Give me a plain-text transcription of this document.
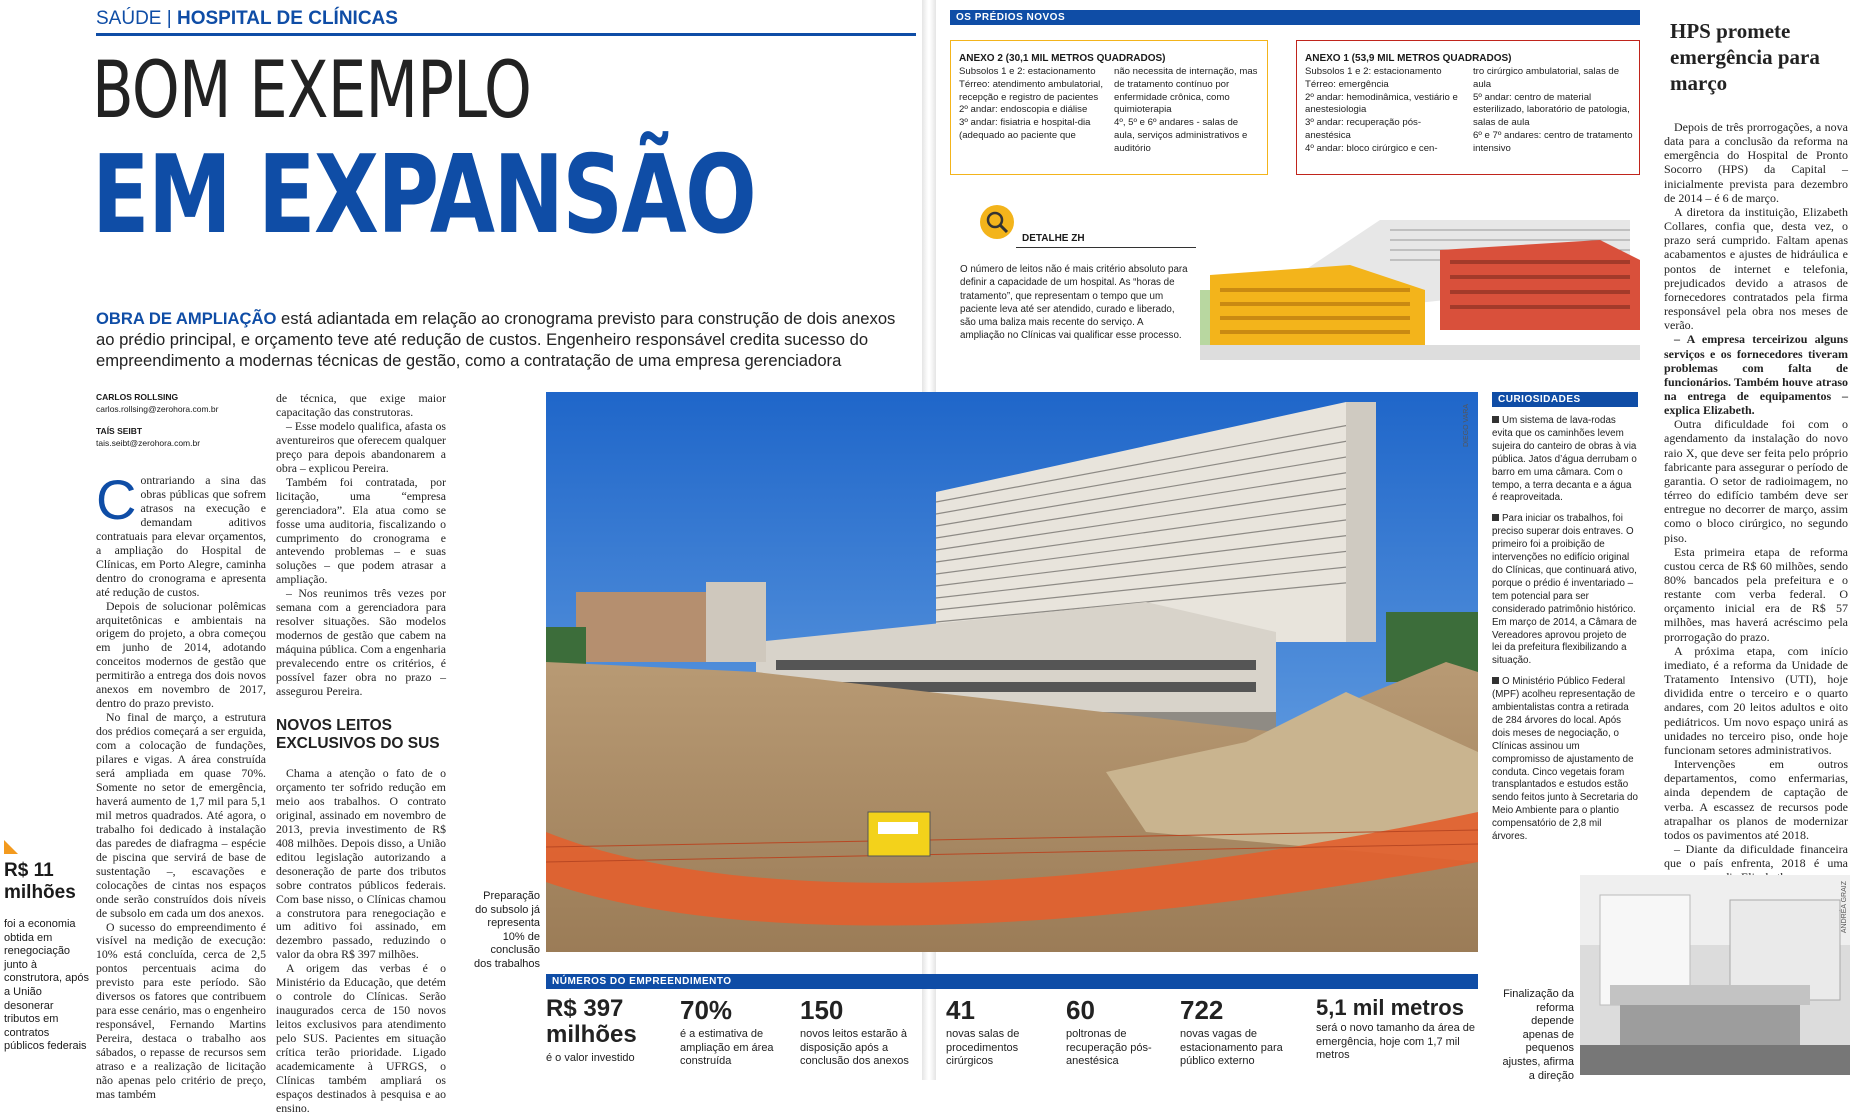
SAÚDE | HOSPITAL DE CLÍNICAS
BOM EXEMPLO
EM EXPANSÃO
OBRA DE AMPLIAÇÃO está adiantada em relação ao cronograma previsto para construção de dois anexos ao prédio principal, e orçamento teve até redução de custos. Engenheiro responsável credita sucesso do empreendimento a modernas técnicas de gestão, como a contratação de uma empresa gerenciadora
CARLOS ROLLSING
carlos.rollsing@zerohora.com.br
TAÍS SEIBT
tais.seibt@zerohora.com.br

Contrariando a sina das obras públicas que sofrem atrasos na execução e demandam aditivos contratuais para elevar orçamentos, a ampliação do Hospital de Clínicas, em Porto Alegre, caminha dentro do cronograma e apresenta até redução de custos.

Depois de solucionar polêmicas arquitetônicas e ambientais na origem do projeto, a obra começou em junho de 2014, adotando conceitos modernos de gestão que permitirão a entrega dos dois novos anexos em novembro de 2017, dentro do prazo previsto.

No final de março, a estrutura dos prédios começará a ser erguida, com a colocação de fundações, pilares e vigas. A área construída será ampliada em quase 70%. Somente no setor de emergência, haverá aumento de 1,7 mil para 5,1 mil metros quadrados. Até agora, o trabalho foi dedicado à instalação das paredes de diafragma – espécie de piscina que servirá de base de sustentação –, escavações e colocações de cintas nos espaços onde serão construídos dois níveis de subsolo em cada um dos anexos.

O sucesso do empreendimento é visível na medição de execução: 10% está concluída, cerca de 2,5 pontos percentuais acima do previsto para este período. São diversos os fatores que contribuem para esse cenário, mas o engenheiro responsável, Fernando Martins Pereira, destaca o trabalho aos sábados, o repasse de recursos sem atraso e a realização de licitação não apenas pelo critério de preço, mas também

R$ 11 milhões
foi a economia obtida em renegociação junto à construtora, após a União desonerar tributos em contratos públicos federais

de técnica, que exige maior capacitação das construtoras.

– Esse modelo qualifica, afasta os aventureiros que oferecem qualquer preço para depois abandonarem a obra – explicou Pereira.

Também foi contratada, por licitação, uma “empresa gerenciadora”. Ela atua como se fosse uma auditoria, fiscalizando o cumprimento do cronograma e antevendo problemas – e suas soluções – que podem atrasar a ampliação.

– Nos reunimos três vezes por semana com a gerenciadora para resolver situações. São modelos modernos de gestão que cabem na máquina pública. Com a engenharia prevalecendo entre os critérios, é possível fazer obra no prazo – assegurou Pereira.

NOVOS LEITOS EXCLUSIVOS DO SUS

Chama a atenção o fato de o orçamento ter sofrido redução em meio aos trabalhos. O contrato original, assinado em novembro de 2013, previa investimento de R$ 408 milhões. Depois disso, a União editou legislação autorizando a desoneração de parte dos tributos sobre contratos públicos federais. Com base nisso, o Clínicas chamou a construtora para renegociação e um aditivo foi assinado, em dezembro passado, reduzindo o valor da obra R$ 397 milhões.

A origem das verbas é o Ministério da Educação, que detém o controle do Clínicas. Serão inaugurados cerca de 150 novos leitos exclusivos para atendimento pelo SUS. Pacientes em situação crítica terão prioridade. Ligado academicamente à UFRGS, o Clínicas também ampliará os espaços destinados à pesquisa e ao ensino.

DIEGO VARA
Preparação do subsolo já representa 10% de conclusão dos trabalhos
NÚMEROS DO EMPREENDIMENTO
R$ 397 milhões
é o valor investido
70%
é a estimativa de ampliação em área construída
150
novos leitos estarão à disposição após a conclusão dos anexos
41
novas salas de procedimentos cirúrgicos
60
poltronas de recuperação pós-anestésica
722
novas vagas de estacionamento para público externo
5,1 mil metros
será o novo tamanho da área de emergência, hoje com 1,7 mil metros
OS PRÉDIOS NOVOS
ANEXO 2 (30,1 MIL METROS QUADRADOS)
Subsolos 1 e 2: estacionamento
Térreo: atendimento ambulatorial, recepção e registro de pacientes
2º andar: endoscopia e diálise
3º andar: fisiatria e hospital-dia (adequado ao paciente que
não necessita de internação, mas de tratamento contínuo por enfermidade crônica, como quimioterapia
4º, 5º e 6º andares - salas de aula, serviços administrativos e auditório
ANEXO 1 (53,9 MIL METROS QUADRADOS)
Subsolos 1 e 2: estacionamento
Térreo: emergência
2º andar: hemodinâmica, vestiário e anestesiologia
3º andar: recuperação pós-anestésica
4º andar: bloco cirúrgico e cen-
tro cirúrgico ambulatorial, salas de aula
5º andar: centro de material esterilizado, laboratório de patologia, salas de aula
6º e 7º andares: centro de tratamento intensivo
DETALHE ZH
O número de leitos não é mais critério absoluto para definir a capacidade de um hospital. As “horas de tratamento”, que representam o tempo que um paciente leva até ser atendido, curado e liberado, são uma baliza mais recente do serviço. A ampliação no Clínicas vai qualificar esse processo.
CURIOSIDADES
Um sistema de lava-rodas evita que os caminhões levem sujeira do canteiro de obras à via pública. Jatos d’água derrubam o barro em uma câmara. Com o tempo, a terra decanta e a água é reaproveitada.
Para iniciar os trabalhos, foi preciso superar dois entraves. O primeiro foi a proibição de intervenções no edifício original do Clínicas, que continuará ativo, porque o prédio é inventariado – tem potencial para ser considerado patrimônio histórico. Em março de 2014, a Câmara de Vereadores aprovou projeto de lei da prefeitura flexibilizando a situação.
O Ministério Público Federal (MPF) acolheu representação de ambientalistas contra a retirada de 284 árvores do local. Após dois meses de negociação, o Clínicas assinou um compromisso de ajustamento de conduta. Cinco vegetais foram transplantados e estudos estão sendo feitos junto à Secretaria do Meio Ambiente para o plantio compensatório de 2,8 mil árvores.
HPS promete emergência para março

Depois de três prorrogações, a nova data para a conclusão da reforma na emergência do Hospital de Pronto Socorro (HPS) da Capital – inicialmente prevista para dezembro de 2014 – é 6 de março.

A diretora da instituição, Elizabeth Collares, confia que, desta vez, o prazo será cumprido. Faltam apenas acabamentos e ajustes de hidráulica e pontos de internet e telefonia, prejudicados devido a atrasos de fornecedores contratados pela firma responsável pela obra nos meses de verão.

– A empresa terceirizou alguns serviços e os fornecedores tiveram problemas com falta de funcionários. Também houve atraso na entrega de equipamentos – explica Elizabeth.

Outra dificuldade foi com o agendamento da instalação do novo raio X, que deve ser feita pelo próprio fabricante para assegurar o período de garantia. O setor de radioimagem, no térreo do edifício também deve ser entregue no decorrer de março, assim como o bloco cirúrgico, no segundo piso.

Esta primeira etapa de reforma custou cerca de R$ 60 milhões, sendo 80% bancados pela prefeitura e o restante com verba federal. O orçamento inicial era de R$ 57 milhões, mas haverá acréscimo pela prorrogação do prazo.

A próxima etapa, com início imediato, é a reforma da Unidade de Tratamento Intensivo (UTI), hoje dividida entre o terceiro e o quarto andares, com 20 leitos adultos e oito pediátricos. Um novo espaço unirá as unidades no terceiro piso, onde hoje funcionam setores administrativos.

Intervenções em outros departamentos, como enfermarias, ainda dependem de captação de verba. A escassez de recursos pode atrapalhar os planos de modernizar todos os pavimentos até 2018.

– Diante da dificuldade financeira que o país enfrenta, 2018 é uma

ANDRÉA GRAIZ
Finalização da reforma depende apenas de pequenos ajustes, afirma a direção
